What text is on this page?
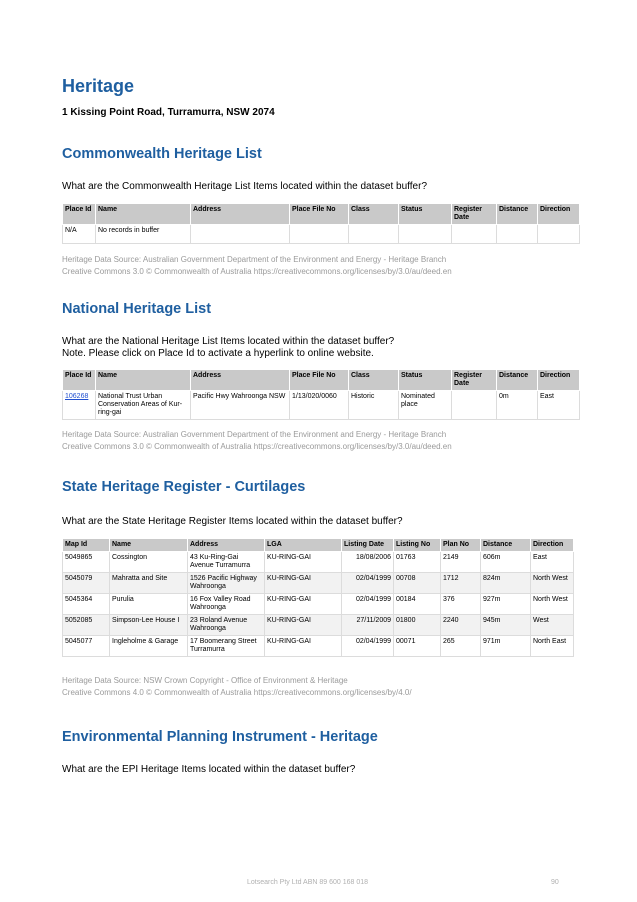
Heritage
1 Kissing Point Road, Turramurra, NSW 2074
Commonwealth Heritage List
What are the Commonwealth Heritage List Items located within the dataset buffer?
Place Id	Name	Address	Place File No	Class	Status	Register Date	Distance	Direction
N/A	No records in buffer							
Heritage Data Source: Australian Government Department of the Environment and Energy - Heritage Branch
Creative Commons 3.0 © Commonwealth of Australia https://creativecommons.org/licenses/by/3.0/au/deed.en
National Heritage List
What are the National Heritage List Items located within the dataset buffer?
Note. Please click on Place Id to activate a hyperlink to online website.
Place Id	Name	Address	Place File No	Class	Status	Register Date	Distance	Direction
106268	National Trust Urban Conservation Areas of Kur-ring-gai	Pacific Hwy Wahroonga NSW	1/13/020/0060	Historic	Nominated place		0m	East
Heritage Data Source: Australian Government Department of the Environment and Energy - Heritage Branch
Creative Commons 3.0 © Commonwealth of Australia https://creativecommons.org/licenses/by/3.0/au/deed.en
State Heritage Register - Curtilages
What are the State Heritage Register Items located within the dataset buffer?
Map Id	Name	Address	LGA	Listing Date	Listing No	Plan No	Distance	Direction
5049865	Cossington	43 Ku-Ring-Gai Avenue Turramurra	KU-RING-GAI	18/08/2006	01763	2149	606m	East
5045079	Mahratta and Site	1526 Pacific Highway Wahroonga	KU-RING-GAI	02/04/1999	00708	1712	824m	North West
5045364	Purulia	16 Fox Valley Road Wahroonga	KU-RING-GAI	02/04/1999	00184	376	927m	North West
5052085	Simpson-Lee House I	23 Roland Avenue Wahroonga	KU-RING-GAI	27/11/2009	01800	2240	945m	West
5045077	Ingleholme & Garage	17 Boomerang Street Turramurra	KU-RING-GAI	02/04/1999	00071	265	971m	North East
Heritage Data Source: NSW Crown Copyright - Office of Environment & Heritage
Creative Commons 4.0 © Commonwealth of Australia https://creativecommons.org/licenses/by/4.0/
Environmental Planning Instrument - Heritage
What are the EPI Heritage Items located within the dataset buffer?
Lotsearch Pty Ltd ABN 89 600 168 018	90
